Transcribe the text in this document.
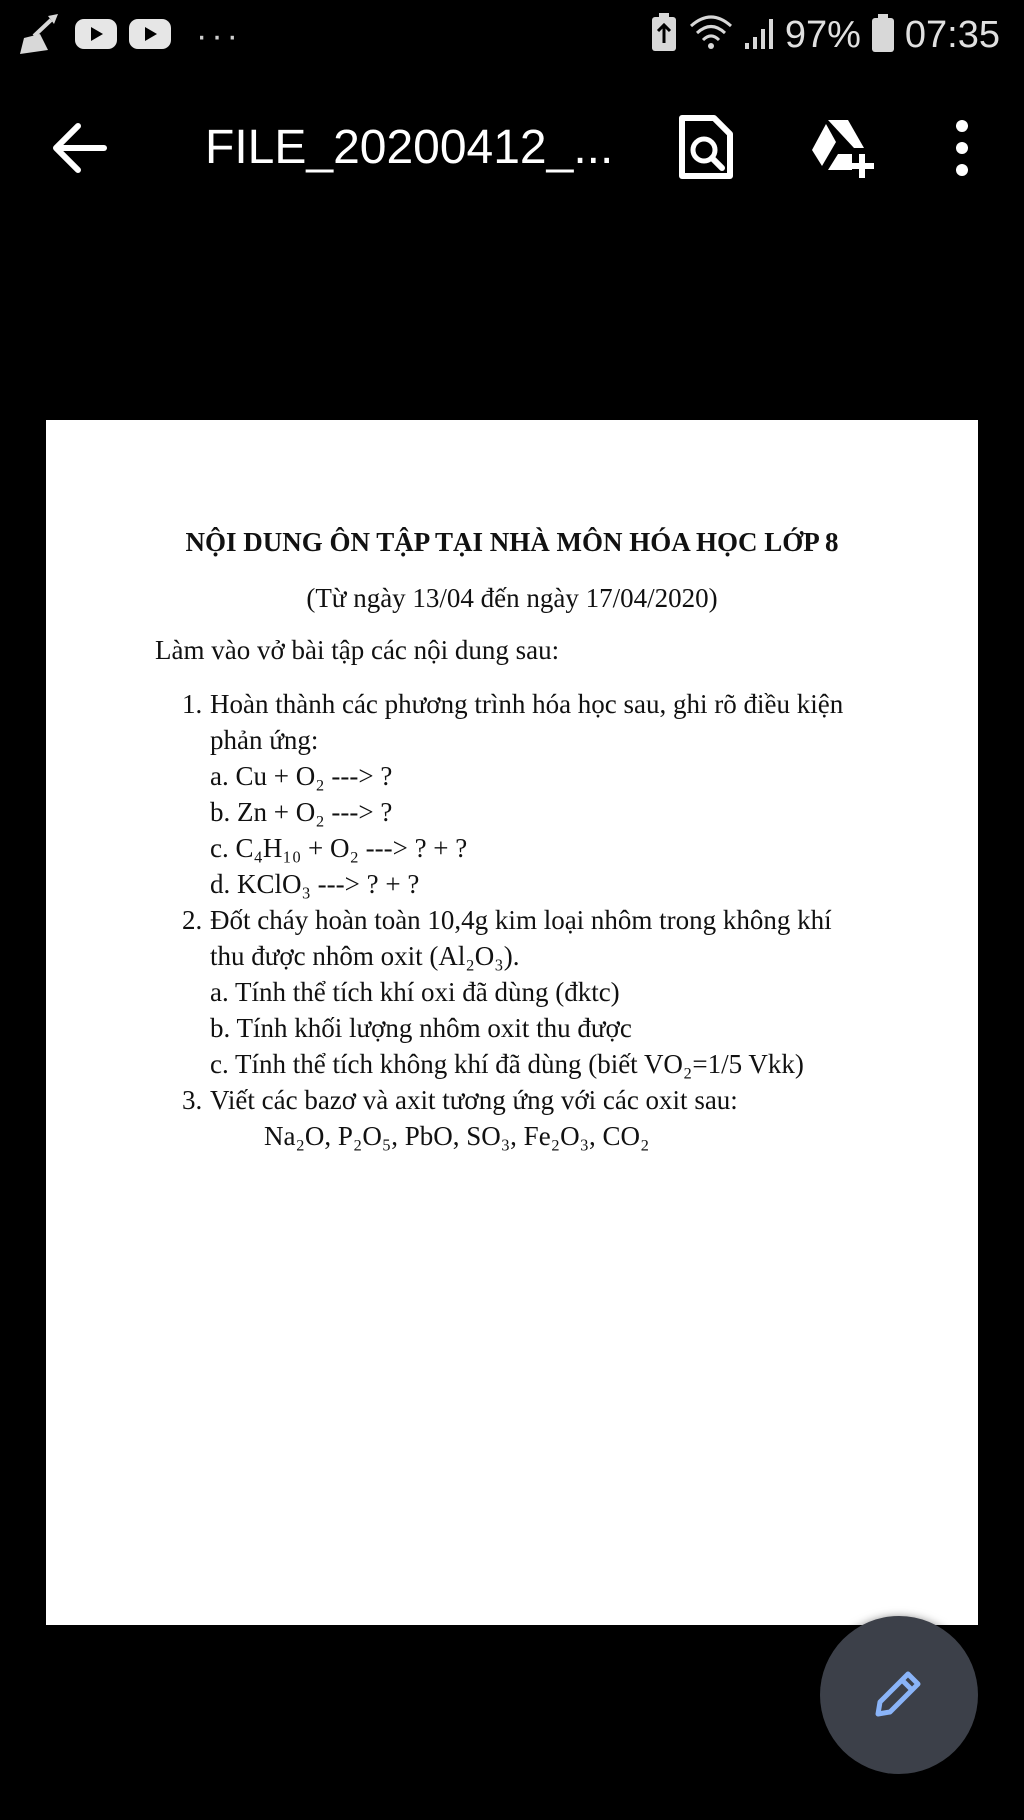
···	97% 07:35
FILE_20200412_...
NỘI DUNG ÔN TẬP TẠI NHÀ MÔN HÓA HỌC LỚP 8
(Từ ngày 13/04 đến ngày 17/04/2020)
Làm vào vở bài tập các nội dung sau:
1. Hoàn thành các phương trình hóa học sau, ghi rõ điều kiện
phản ứng:
a. Cu + O₂ ---> ?
b. Zn + O₂ ---> ?
c. C₄H₁₀ + O₂ ---> ? + ?
d. KClO₃ ---> ? + ?
2. Đốt cháy hoàn toàn 10,4g kim loại nhôm trong không khí
thu được nhôm oxit (Al₂O₃).
a. Tính thể tích khí oxi đã dùng (đktc)
b. Tính khối lượng nhôm oxit thu được
c. Tính thể tích không khí đã dùng (biết VO₂=1/5 Vkk)
3. Viết các bazơ và axit tương ứng với các oxit sau:
Na₂O, P₂O₅, PbO, SO₃, Fe₂O₃, CO₂
